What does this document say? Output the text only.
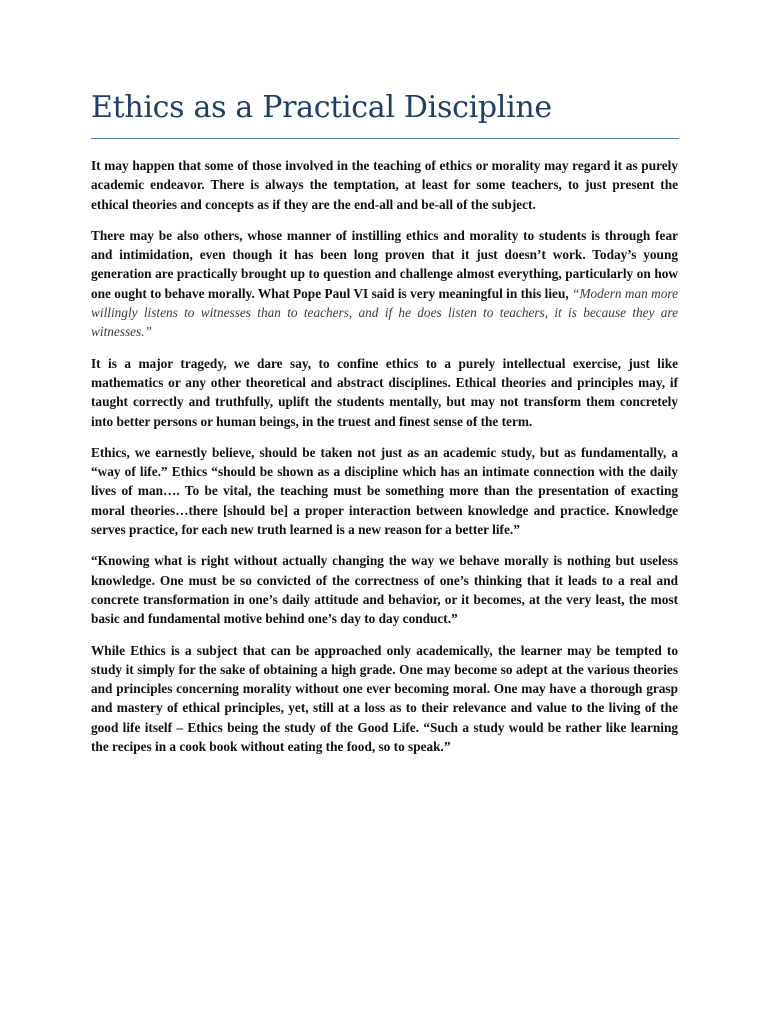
Ethics as a Practical Discipline

It may happen that some of those involved in the teaching of ethics or morality may regard it as purely academic endeavor. There is always the temptation, at least for some teachers, to just present the ethical theories and concepts as if they are the end-all and be-all of the subject.

There may be also others, whose manner of instilling ethics and morality to students is through fear and intimidation, even though it has been long proven that it just doesn’t work. Today’s young generation are practically brought up to question and challenge almost everything, particularly on how one ought to behave morally. What Pope Paul VI said is very meaningful in this lieu, “Modern man more willingly listens to witnesses than to teachers, and if he does listen to teachers, it is because they are witnesses.”

It is a major tragedy, we dare say, to confine ethics to a purely intellectual exercise, just like mathematics or any other theoretical and abstract disciplines. Ethical theories and principles may, if taught correctly and truthfully, uplift the students mentally, but may not transform them concretely into better persons or human beings, in the truest and finest sense of the term.

Ethics, we earnestly believe, should be taken not just as an academic study, but as fundamentally, a “way of life.” Ethics “should be shown as a discipline which has an intimate connection with the daily lives of man…. To be vital, the teaching must be something more than the presentation of exacting moral theories…there [should be] a proper interaction between knowledge and practice. Knowledge serves practice, for each new truth learned is a new reason for a better life.”

“Knowing what is right without actually changing the way we behave morally is nothing but useless knowledge. One must be so convicted of the correctness of one’s thinking that it leads to a real and concrete transformation in one’s daily attitude and behavior, or it becomes, at the very least, the most basic and fundamental motive behind one’s day to day conduct.”

While Ethics is a subject that can be approached only academically, the learner may be tempted to study it simply for the sake of obtaining a high grade. One may become so adept at the various theories and principles concerning morality without one ever becoming moral. One may have a thorough grasp and mastery of ethical principles, yet, still at a loss as to their relevance and value to the living of the good life itself – Ethics being the study of the Good Life. “Such a study would be rather like learning the recipes in a cook book without eating the food, so to speak.”
